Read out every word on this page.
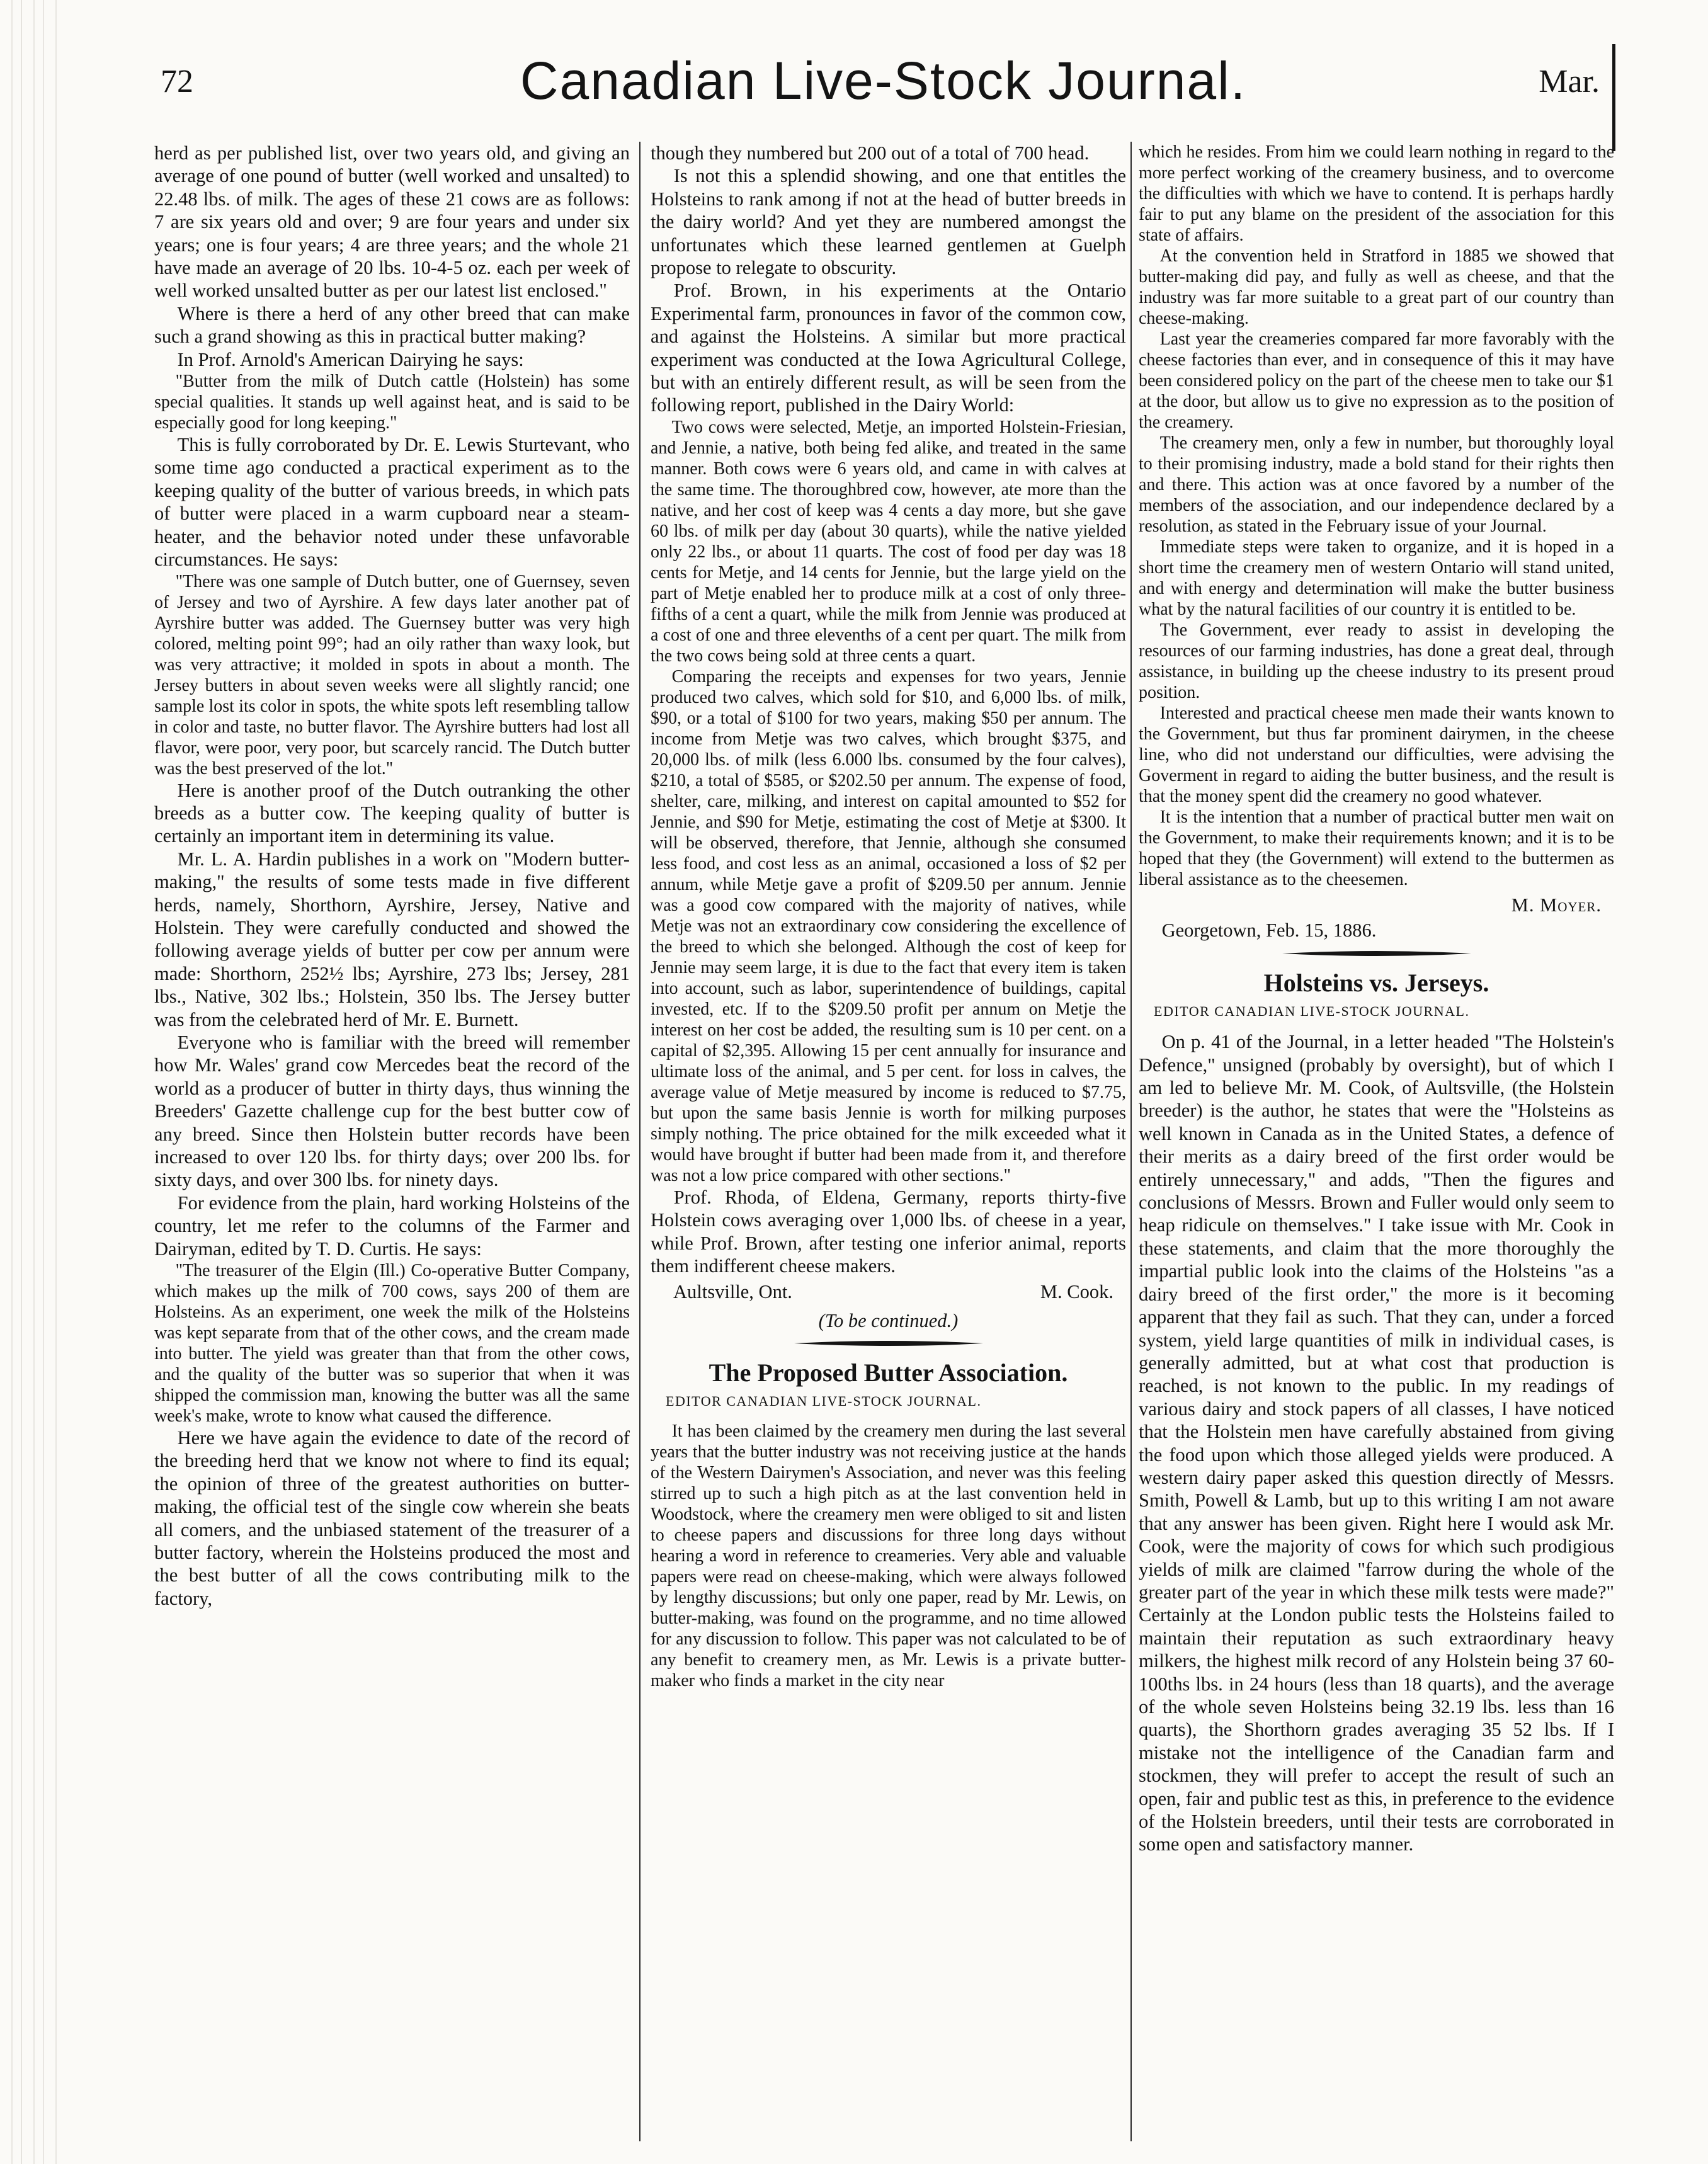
72	Canadian Live-Stock Journal.	Mar.

herd as per published list, over two years old, and giving an average of one pound of butter (well worked and unsalted) to 22.48 lbs. of milk. The ages of these 21 cows are as follows: 7 are six years old and over; 9 are four years and under six years; one is four years; 4 are three years; and the whole 21 have made an average of 20 lbs. 10-4-5 oz. each per week of well worked unsalted butter as per our latest list enclosed."

Where is there a herd of any other breed that can make such a grand showing as this in practical butter making?

In Prof. Arnold's American Dairying he says:

"Butter from the milk of Dutch cattle (Holstein) has some special qualities. It stands up well against heat, and is said to be especially good for long keeping."

This is fully corroborated by Dr. E. Lewis Sturtevant, who some time ago conducted a practical experiment as to the keeping quality of the butter of various breeds, in which pats of butter were placed in a warm cupboard near a steam-heater, and the behavior noted under these unfavorable circumstances. He says:

"There was one sample of Dutch butter, one of Guernsey, seven of Jersey and two of Ayrshire. A few days later another pat of Ayrshire butter was added. The Guernsey butter was very high colored, melting point 99°; had an oily rather than waxy look, but was very attractive; it molded in spots in about a month. The Jersey butters in about seven weeks were all slightly rancid; one sample lost its color in spots, the white spots left resembling tallow in color and taste, no butter flavor. The Ayrshire butters had lost all flavor, were poor, very poor, but scarcely rancid. The Dutch butter was the best preserved of the lot."

Here is another proof of the Dutch outranking the other breeds as a butter cow. The keeping quality of butter is certainly an important item in determining its value.

Mr. L. A. Hardin publishes in a work on "Modern butter-making," the results of some tests made in five different herds, namely, Shorthorn, Ayrshire, Jersey, Native and Holstein. They were carefully conducted and showed the following average yields of butter per cow per annum were made: Shorthorn, 252½ lbs; Ayrshire, 273 lbs; Jersey, 281 lbs., Native, 302 lbs.; Holstein, 350 lbs. The Jersey butter was from the celebrated herd of Mr. E. Burnett.

Everyone who is familiar with the breed will remember how Mr. Wales' grand cow Mercedes beat the record of the world as a producer of butter in thirty days, thus winning the Breeders' Gazette challenge cup for the best butter cow of any breed. Since then Holstein butter records have been increased to over 120 lbs. for thirty days; over 200 lbs. for sixty days, and over 300 lbs. for ninety days.

For evidence from the plain, hard working Holsteins of the country, let me refer to the columns of the Farmer and Dairyman, edited by T. D. Curtis. He says:

"The treasurer of the Elgin (Ill.) Co-operative Butter Company, which makes up the milk of 700 cows, says 200 of them are Holsteins. As an experiment, one week the milk of the Holsteins was kept separate from that of the other cows, and the cream made into butter. The yield was greater than that from the other cows, and the quality of the butter was so superior that when it was shipped the commission man, knowing the butter was all the same week's make, wrote to know what caused the difference.

Here we have again the evidence to date of the record of the breeding herd that we know not where to find its equal; the opinion of three of the greatest authorities on butter-making, the official test of the single cow wherein she beats all comers, and the unbiased statement of the treasurer of a butter factory, wherein the Holsteins produced the most and the best butter of all the cows contributing milk to the factory,

though they numbered but 200 out of a total of 700 head.

Is not this a splendid showing, and one that entitles the Holsteins to rank among if not at the head of butter breeds in the dairy world? And yet they are numbered amongst the unfortunates which these learned gentlemen at Guelph propose to relegate to obscurity.

Prof. Brown, in his experiments at the Ontario Experimental farm, pronounces in favor of the common cow, and against the Holsteins. A similar but more practical experiment was conducted at the Iowa Agricultural College, but with an entirely different result, as will be seen from the following report, published in the Dairy World:

Two cows were selected, Metje, an imported Holstein-Friesian, and Jennie, a native, both being fed alike, and treated in the same manner. Both cows were 6 years old, and came in with calves at the same time. The thoroughbred cow, however, ate more than the native, and her cost of keep was 4 cents a day more, but she gave 60 lbs. of milk per day (about 30 quarts), while the native yielded only 22 lbs., or about 11 quarts. The cost of food per day was 18 cents for Metje, and 14 cents for Jennie, but the large yield on the part of Metje enabled her to produce milk at a cost of only three-fifths of a cent a quart, while the milk from Jennie was produced at a cost of one and three elevenths of a cent per quart. The milk from the two cows being sold at three cents a quart.

Comparing the receipts and expenses for two years, Jennie produced two calves, which sold for $10, and 6,000 lbs. of milk, $90, or a total of $100 for two years, making $50 per annum. The income from Metje was two calves, which brought $375, and 20,000 lbs. of milk (less 6.000 lbs. consumed by the four calves), $210, a total of $585, or $202.50 per annum. The expense of food, shelter, care, milking, and interest on capital amounted to $52 for Jennie, and $90 for Metje, estimating the cost of Metje at $300. It will be observed, therefore, that Jennie, although she consumed less food, and cost less as an animal, occasioned a loss of $2 per annum, while Metje gave a profit of $209.50 per annum. Jennie was a good cow compared with the majority of natives, while Metje was not an extraordinary cow considering the excellence of the breed to which she belonged. Although the cost of keep for Jennie may seem large, it is due to the fact that every item is taken into account, such as labor, superintendence of buildings, capital invested, etc. If to the $209.50 profit per annum on Metje the interest on her cost be added, the resulting sum is 10 per cent. on a capital of $2,395. Allowing 15 per cent annually for insurance and ultimate loss of the animal, and 5 per cent. for loss in calves, the average value of Metje measured by income is reduced to $7.75, but upon the same basis Jennie is worth for milking purposes simply nothing. The price obtained for the milk exceeded what it would have brought if butter had been made from it, and therefore was not a low price compared with other sections."

Prof. Rhoda, of Eldena, Germany, reports thirty-five Holstein cows averaging over 1,000 lbs. of cheese in a year, while Prof. Brown, after testing one inferior animal, reports them indifferent cheese makers.

Aultsville, Ont.	M. Cook.
(To be continued.)
The Proposed Butter Association.
EDITOR CANADIAN LIVE-STOCK JOURNAL.

It has been claimed by the creamery men during the last several years that the butter industry was not receiving justice at the hands of the Western Dairymen's Association, and never was this feeling stirred up to such a high pitch as at the last convention held in Woodstock, where the creamery men were obliged to sit and listen to cheese papers and discussions for three long days without hearing a word in reference to creameries. Very able and valuable papers were read on cheese-making, which were always followed by lengthy discussions; but only one paper, read by Mr. Lewis, on butter-making, was found on the programme, and no time allowed for any discussion to follow. This paper was not calculated to be of any benefit to creamery men, as Mr. Lewis is a private butter-maker who finds a market in the city near

which he resides. From him we could learn nothing in regard to the more perfect working of the creamery business, and to overcome the difficulties with which we have to contend. It is perhaps hardly fair to put any blame on the president of the association for this state of affairs.

At the convention held in Stratford in 1885 we showed that butter-making did pay, and fully as well as cheese, and that the industry was far more suitable to a great part of our country than cheese-making.

Last year the creameries compared far more favorably with the cheese factories than ever, and in consequence of this it may have been considered policy on the part of the cheese men to take our $1 at the door, but allow us to give no expression as to the position of the creamery.

The creamery men, only a few in number, but thoroughly loyal to their promising industry, made a bold stand for their rights then and there. This action was at once favored by a number of the members of the association, and our independence declared by a resolution, as stated in the February issue of your Journal.

Immediate steps were taken to organize, and it is hoped in a short time the creamery men of western Ontario will stand united, and with energy and determination will make the butter business what by the natural facilities of our country it is entitled to be.

The Government, ever ready to assist in developing the resources of our farming industries, has done a great deal, through assistance, in building up the cheese industry to its present proud position.

Interested and practical cheese men made their wants known to the Government, but thus far prominent dairymen, in the cheese line, who did not understand our difficulties, were advising the Goverment in regard to aiding the butter business, and the result is that the money spent did the creamery no good whatever.

It is the intention that a number of practical butter men wait on the Government, to make their requirements known; and it is to be hoped that they (the Government) will extend to the buttermen as liberal assistance as to the cheesemen.

M. Moyer.
Georgetown, Feb. 15, 1886.
Holsteins vs. Jerseys.
EDITOR CANADIAN LIVE-STOCK JOURNAL.

On p. 41 of the Journal, in a letter headed "The Holstein's Defence," unsigned (probably by oversight), but of which I am led to believe Mr. M. Cook, of Aultsville, (the Holstein breeder) is the author, he states that were the "Holsteins as well known in Canada as in the United States, a defence of their merits as a dairy breed of the first order would be entirely unnecessary," and adds, "Then the figures and conclusions of Messrs. Brown and Fuller would only seem to heap ridicule on themselves." I take issue with Mr. Cook in these statements, and claim that the more thoroughly the impartial public look into the claims of the Holsteins "as a dairy breed of the first order," the more is it becoming apparent that they fail as such. That they can, under a forced system, yield large quantities of milk in individual cases, is generally admitted, but at what cost that production is reached, is not known to the public. In my readings of various dairy and stock papers of all classes, I have noticed that the Holstein men have carefully abstained from giving the food upon which those alleged yields were produced. A western dairy paper asked this question directly of Messrs. Smith, Powell & Lamb, but up to this writing I am not aware that any answer has been given. Right here I would ask Mr. Cook, were the majority of cows for which such prodigious yields of milk are claimed "farrow during the whole of the greater part of the year in which these milk tests were made?" Certainly at the London public tests the Holsteins failed to maintain their reputation as such extraordinary heavy milkers, the highest milk record of any Holstein being 37 60-100ths lbs. in 24 hours (less than 18 quarts), and the average of the whole seven Holsteins being 32.19 lbs. less than 16 quarts), the Shorthorn grades averaging 35 52 lbs. If I mistake not the intelligence of the Canadian farm and stockmen, they will prefer to accept the result of such an open, fair and public test as this, in preference to the evidence of the Holstein breeders, until their tests are corroborated in some open and satisfactory manner.
